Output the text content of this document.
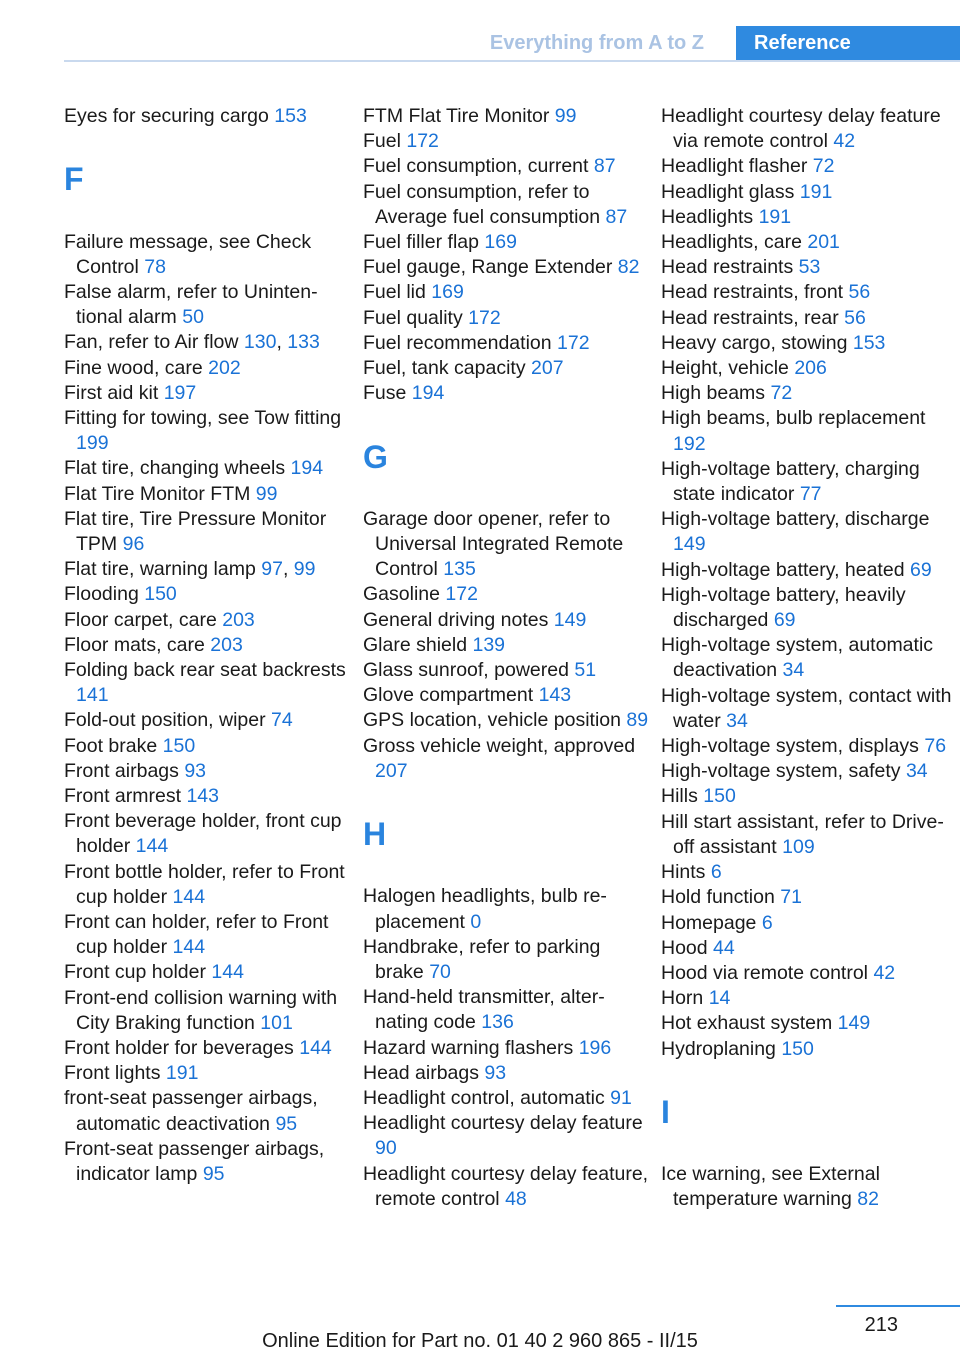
Everything from A to Z	Reference
Eyes for securing cargo 153
F
Failure message, see Check Control 78
False alarm, refer to Unintentional alarm 50
Fan, refer to Air flow 130, 133
Fine wood, care 202
First aid kit 197
Fitting for towing, see Tow fitting 199
Flat tire, changing wheels 194
Flat Tire Monitor FTM 99
Flat tire, Tire Pressure Monitor TPM 96
Flat tire, warning lamp 97, 99
Flooding 150
Floor carpet, care 203
Floor mats, care 203
Folding back rear seat backrests 141
Fold-out position, wiper 74
Foot brake 150
Front airbags 93
Front armrest 143
Front beverage holder, front cup holder 144
Front bottle holder, refer to Front cup holder 144
Front can holder, refer to Front cup holder 144
Front cup holder 144
Front-end collision warning with City Braking function 101
Front holder for beverages 144
Front lights 191
front-seat passenger airbags, automatic deactivation 95
Front-seat passenger airbags, indicator lamp 95
FTM Flat Tire Monitor 99
Fuel 172
Fuel consumption, current 87
Fuel consumption, refer to Average fuel consumption 87
Fuel filler flap 169
Fuel gauge, Range Extender 82
Fuel lid 169
Fuel quality 172
Fuel recommendation 172
Fuel, tank capacity 207
Fuse 194
G
Garage door opener, refer to Universal Integrated Remote Control 135
Gasoline 172
General driving notes 149
Glare shield 139
Glass sunroof, powered 51
Glove compartment 143
GPS location, vehicle position 89
Gross vehicle weight, approved 207
H
Halogen headlights, bulb replacement 0
Handbrake, refer to parking brake 70
Hand-held transmitter, alternating code 136
Hazard warning flashers 196
Head airbags 93
Headlight control, automatic 91
Headlight courtesy delay feature 90
Headlight courtesy delay feature, remote control 48
Headlight courtesy delay feature via remote control 42
Headlight flasher 72
Headlight glass 191
Headlights 191
Headlights, care 201
Head restraints 53
Head restraints, front 56
Head restraints, rear 56
Heavy cargo, stowing 153
Height, vehicle 206
High beams 72
High beams, bulb replacement 192
High-voltage battery, charging state indicator 77
High-voltage battery, discharge 149
High-voltage battery, heated 69
High-voltage battery, heavily discharged 69
High-voltage system, automatic deactivation 34
High-voltage system, contact with water 34
High-voltage system, displays 76
High-voltage system, safety 34
Hills 150
Hill start assistant, refer to Drive-off assistant 109
Hints 6
Hold function 71
Homepage 6
Hood 44
Hood via remote control 42
Horn 14
Hot exhaust system 149
Hydroplaning 150
I
Ice warning, see External temperature warning 82
213
Online Edition for Part no. 01 40 2 960 865 - II/15
